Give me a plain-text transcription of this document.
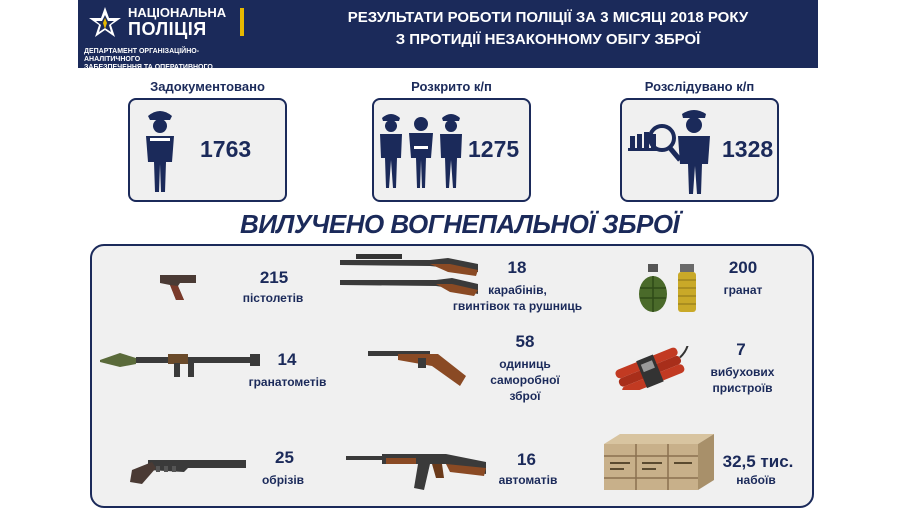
НАЦІОНАЛЬНА
ПОЛІЦІЯ
ДЕПАРТАМЕНТ ОРГАНІЗАЦІЙНО-АНАЛІТИЧНОГО
ЗАБЕЗПЕЧЕННЯ ТА ОПЕРАТИВНОГО РЕАГУВАННЯ
РЕЗУЛЬТАТИ РОБОТИ ПОЛІЦІЇ ЗА 3 МІСЯЦІ 2018 РОКУ
З ПРОТИДІЇ НЕЗАКОННОМУ ОБІГУ ЗБРОЇ
Задокументовано
1763
Розкрито к/п
1275
Розслідувано к/п
1328
ВИЛУЧЕНО ВОГНЕПАЛЬНОЇ ЗБРОЇ
215
пістолетів
18
карабінів,
гвинтівок та рушниць
200
гранат
14
гранатометів
58
одиниць
саморобної
зброї
7
вибухових
пристроїв
25
обрізів
16
автоматів
32,5 тис.
набоїв
